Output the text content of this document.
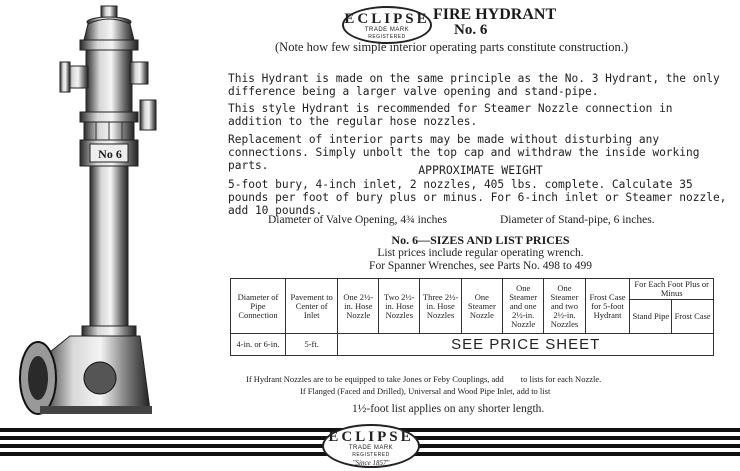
No 6
ECLIPSE
TRADE MARK
REGISTERED
FIRE HYDRANT
No. 6
(Note how few simple interior operating parts constitute construction.)

This Hydrant is made on the same principle as the No. 3 Hydrant, the only difference being a larger valve opening and stand-pipe.

This style Hydrant is recommended for Steamer Nozzle connection in addition to the regular hose nozzles.

Replacement of interior parts may be made without disturbing any connections. Simply unbolt the top cap and withdraw the inside working parts.	APPROXIMATE WEIGHT

5-foot bury, 4-inch inlet, 2 nozzles, 405 lbs. complete. Calculate 35 pounds per foot of bury plus or minus. For 6-inch inlet or Steamer nozzle, add 10 pounds.

Diameter of Valve Opening, 4¾ inches	Diameter of Stand-pipe, 6 inches.
No. 6—SIZES AND LIST PRICES
List prices include regular operating wrench.
For Spanner Wrenches, see Parts No. 498 to 499
Diameter of Pipe Connection	Pavement to Center of Inlet	One 2½-in. Hose Nozzle	Two 2½-in. Hose Nozzles	Three 2½-in. Hose Nozzles	One Steamer Nozzle	One Steamer and one 2½-in. Nozzle	One Steamer and two 2½-in. Nozzles	Frost Case for 5-foot Hydrant	For Each Foot Plus or Minus	
									Stand Pipe	Frost Case
4-in. or 6-in.	5-ft.	SEE PRICE SHEET								
If Hydrant Nozzles are to be equipped to take Jones or Feby Couplings, add        to lists for each Nozzle.
If Flanged (Faced and Drilled), Universal and Wood Pipe Inlet, add to list
1½-foot list applies on any shorter length.
ECLIPSE
TRADE MARK
REGISTERED
"Since 1857"
